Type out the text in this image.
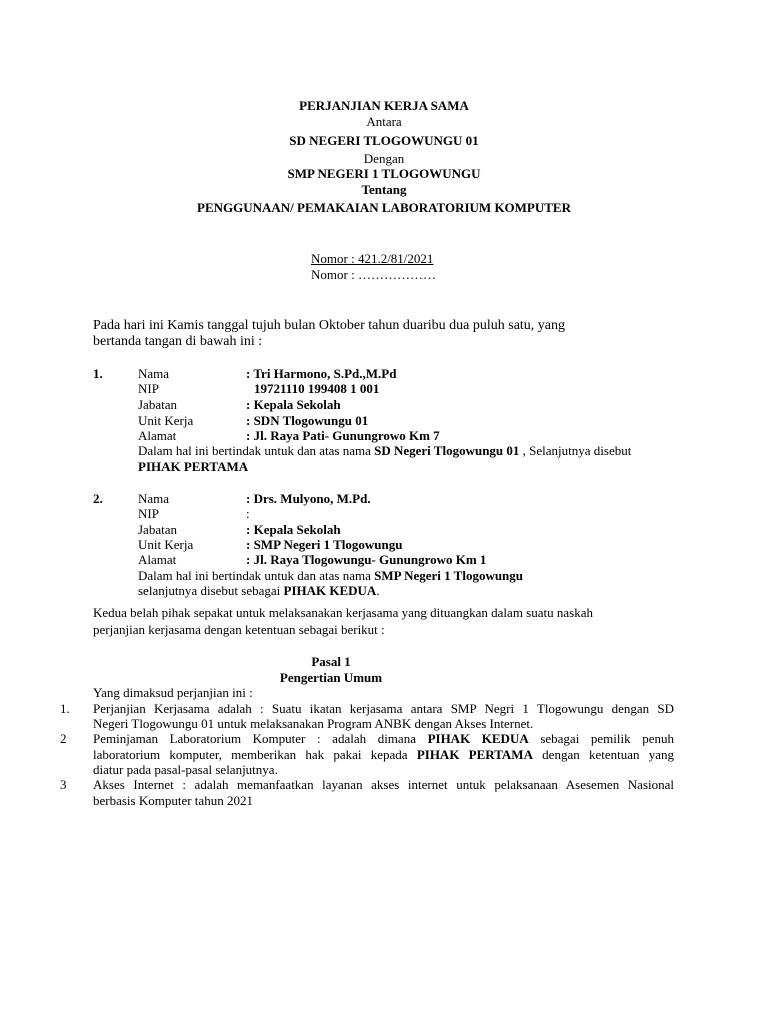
PERJANJIAN KERJA SAMA
Antara
SD NEGERI TLOGOWUNGU 01
Dengan
SMP NEGERI 1 TLOGOWUNGU
Tentang
PENGGUNAAN/ PEMAKAIAN LABORATORIUM KOMPUTER
Nomor : 421.2/81/2021
Nomor : ………………
Pada hari ini Kamis tanggal tujuh bulan Oktober tahun duaribu dua puluh satu, yang
bertanda tangan di bawah ini :
1.	Nama	: Tri Harmono, S.Pd.,M.Pd
NIP	19721110 199408 1 001
Jabatan	: Kepala Sekolah
Unit Kerja	: SDN Tlogowungu 01
Alamat	: Jl. Raya Pati- Gunungrowo Km 7
Dalam hal ini bertindak untuk dan atas nama SD Negeri Tlogowungu 01 , Selanjutnya disebut
PIHAK PERTAMA
2.	Nama	: Drs. Mulyono, M.Pd.
NIP	:
Jabatan	: Kepala Sekolah
Unit Kerja	: SMP Negeri 1 Tlogowungu
Alamat	: Jl. Raya Tlogowungu- Gunungrowo Km 1
Dalam hal ini bertindak untuk dan atas nama SMP Negeri 1 Tlogowungu
selanjutnya disebut sebagai PIHAK KEDUA.
Kedua belah pihak sepakat untuk melaksanakan kerjasama yang dituangkan dalam suatu naskah
perjanjian kerjasama dengan ketentuan sebagai berikut :
Pasal 1
Pengertian Umum
Yang dimaksud perjanjian ini :
1. Perjanjian Kerjasama adalah : Suatu ikatan kerjasama antara SMP Negri 1 Tlogowungu dengan SD
Negeri Tlogowungu 01 untuk melaksanakan Program ANBK dengan Akses Internet.
2 Peminjaman Laboratorium Komputer : adalah dimana PIHAK KEDUA sebagai pemilik penuh
laboratorium komputer, memberikan hak pakai kepada PIHAK PERTAMA dengan ketentuan yang
diatur pada pasal-pasal selanjutnya.
3 Akses Internet : adalah memanfaatkan layanan akses internet untuk pelaksanaan Asesemen Nasional
berbasis Komputer tahun 2021
